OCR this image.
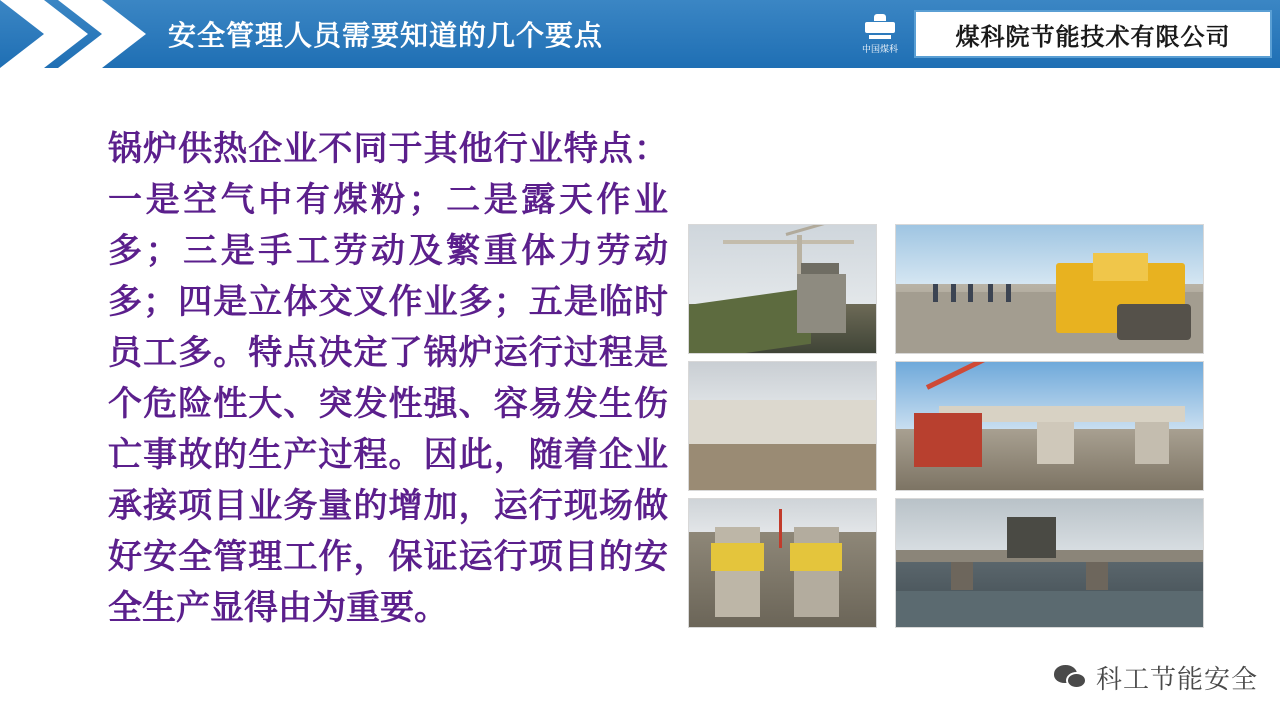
安全管理人员需要知道的几个要点	中国煤科 煤科院节能技术有限公司
锅炉供热企业不同于其他行业特点：一是空气中有煤粉；二是露天作业多；三是手工劳动及繁重体力劳动多；四是立体交叉作业多；五是临时员工多。特点决定了锅炉运行过程是个危险性大、突发性强、容易发生伤亡事故的生产过程。因此，随着企业承接项目业务量的增加，运行现场做好安全管理工作，保证运行项目的安全生产显得由为重要。
科工节能安全
